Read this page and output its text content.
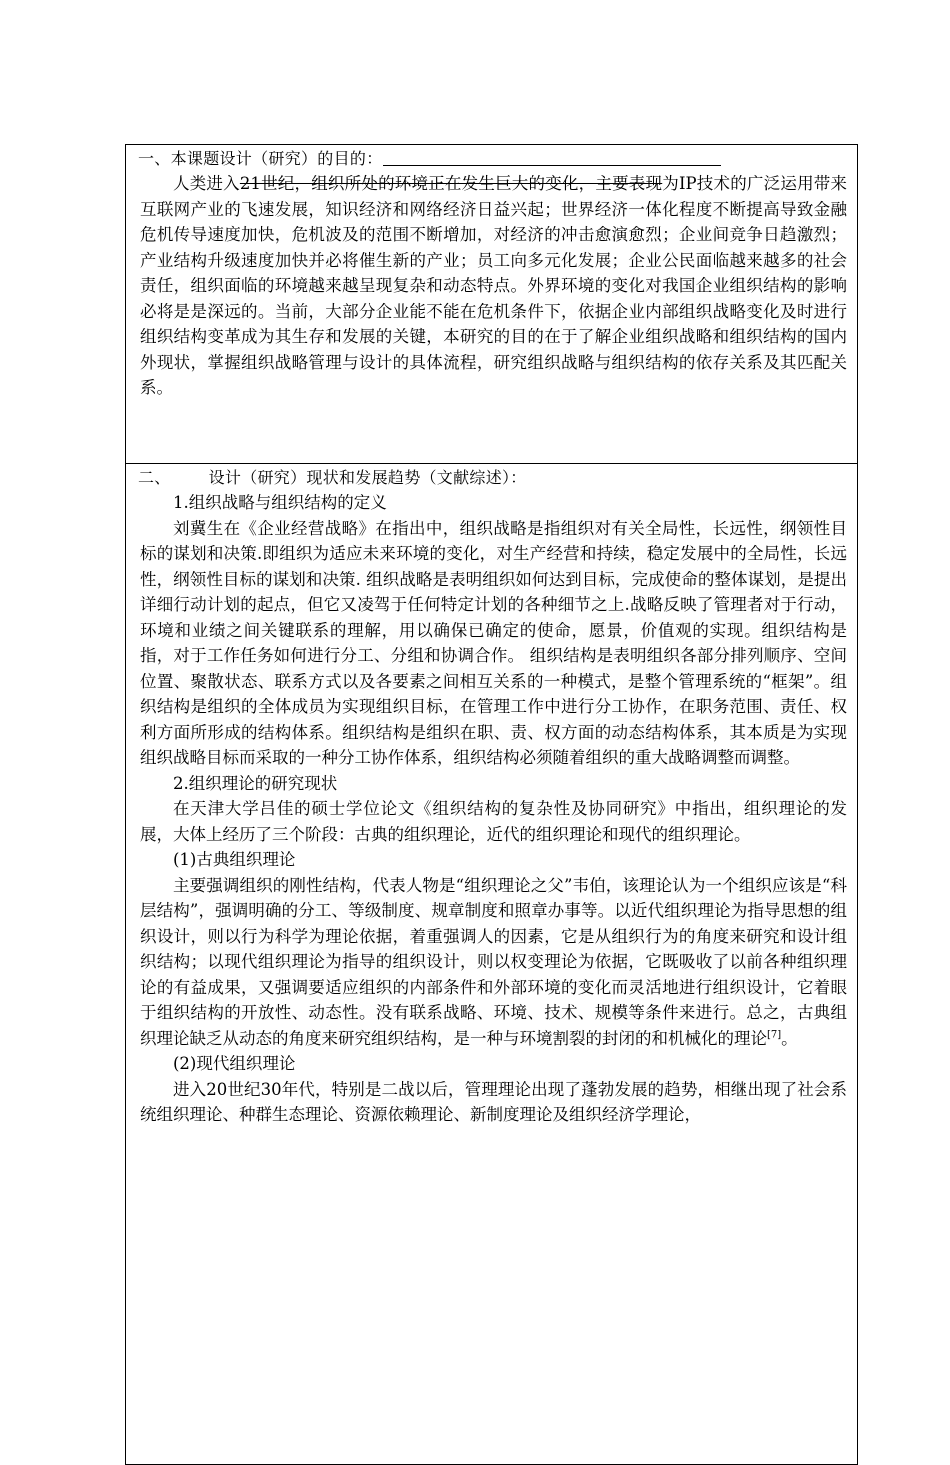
一、本课题设计（研究）的目的：

人类进入21世纪，组织所处的环境正在发生巨大的变化，主要表现为IP技术的广泛运用带来互联网产业的飞速发展，知识经济和网络经济日益兴起；世界经济一体化程度不断提高导致金融危机传导速度加快，危机波及的范围不断增加，对经济的冲击愈演愈烈；企业间竞争日趋激烈；产业结构升级速度加快并必将催生新的产业；员工向多元化发展；企业公民面临越来越多的社会责任，组织面临的环境越来越呈现复杂和动态特点。外界环境的变化对我国企业组织结构的影响必将是是深远的。当前，大部分企业能不能在危机条件下，依据企业内部组织战略变化及时进行组织结构变革成为其生存和发展的关键，本研究的目的在于了解企业组织战略和组织结构的国内外现状，掌握组织战略管理与设计的具体流程，研究组织战略与组织结构的依存关系及其匹配关系。

二、 设计（研究）现状和发展趋势（文献综述）：

1.组织战略与组织结构的定义

刘冀生在《企业经营战略》在指出中，组织战略是指组织对有关全局性，长远性，纲领性目标的谋划和决策.即组织为适应未来环境的变化，对生产经营和持续，稳定发展中的全局性，长远性，纲领性目标的谋划和决策. 组织战略是表明组织如何达到目标，完成使命的整体谋划，是提出详细行动计划的起点，但它又凌驾于任何特定计划的各种细节之上.战略反映了管理者对于行动，环境和业绩之间关键联系的理解，用以确保已确定的使命，愿景，价值观的实现。组织结构是指，对于工作任务如何进行分工、分组和协调合作。 组织结构是表明组织各部分排列顺序、空间位置、聚散状态、联系方式以及各要素之间相互关系的一种模式，是整个管理系统的“框架”。组织结构是组织的全体成员为实现组织目标，在管理工作中进行分工协作，在职务范围、责任、权利方面所形成的结构体系。组织结构是组织在职、责、权方面的动态结构体系，其本质是为实现组织战略目标而采取的一种分工协作体系，组织结构必须随着组织的重大战略调整而调整。

2.组织理论的研究现状

在天津大学吕佳的硕士学位论文《组织结构的复杂性及协同研究》中指出，组织理论的发展，大体上经历了三个阶段：古典的组织理论，近代的组织理论和现代的组织理论。

(1)古典组织理论

主要强调组织的刚性结构，代表人物是“组织理论之父”韦伯，该理论认为一个组织应该是“科层结构”，强调明确的分工、等级制度、规章制度和照章办事等。以近代组织理论为指导思想的组织设计，则以行为科学为理论依据，着重强调人的因素，它是从组织行为的角度来研究和设计组织结构；以现代组织理论为指导的组织设计，则以权变理论为依据，它既吸收了以前各种组织理论的有益成果，又强调要适应组织的内部条件和外部环境的变化而灵活地进行组织设计，它着眼于组织结构的开放性、动态性。没有联系战略、环境、技术、规模等条件来进行。总之，古典组织理论缺乏从动态的角度来研究组织结构，是一种与环境割裂的封闭的和机械化的理论[7]。

(2)现代组织理论

进入20世纪30年代，特别是二战以后，管理理论出现了蓬勃发展的趋势，相继出现了社会系统组织理论、种群生态理论、资源依赖理论、新制度理论及组织经济学理论，
